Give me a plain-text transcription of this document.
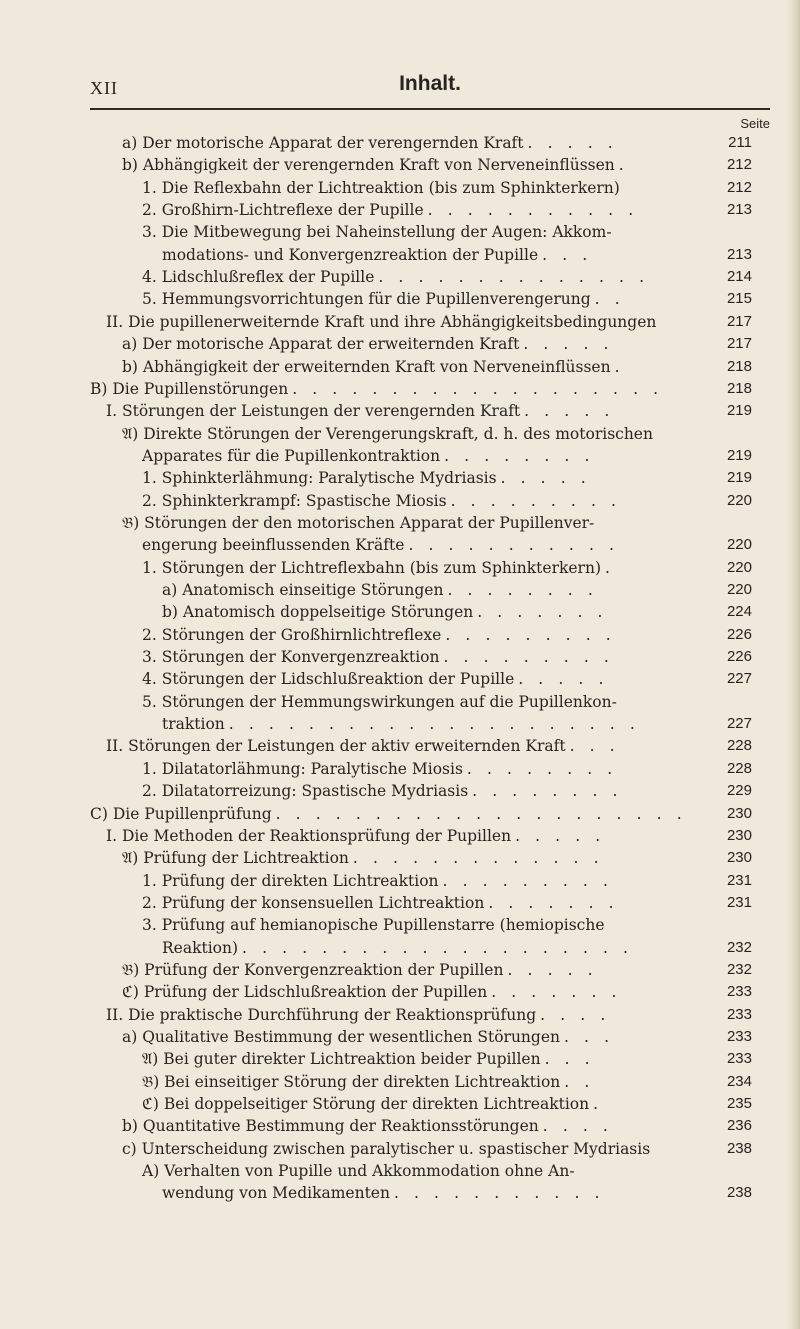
XII	Inhalt.
Seite
a) Der motorische Apparat der verengernden Kraft . . . . .	211
b) Abhängigkeit der verengernden Kraft von Nerveneinflüssen .	212
1. Die Reflexbahn der Lichtreaktion (bis zum Sphinkterkern)	212
2. Großhirn-Lichtreflexe der Pupille . . . . . . . . . . .	213
3. Die Mitbewegung bei Naheinstellung der Augen: Akkom-
modations- und Konvergenzreaktion der Pupille . . .	213
4. Lidschlußreflex der Pupille . . . . . . . . . . . . . .	214
5. Hemmungsvorrichtungen für die Pupillenverengerung . .	215
II. Die pupillenerweiternde Kraft und ihre Abhängigkeitsbedingungen	217
a) Der motorische Apparat der erweiternden Kraft . . . . .	217
b) Abhängigkeit der erweiternden Kraft von Nerveneinflüssen .	218
B) Die Pupillenstörungen . . . . . . . . . . . . . . . . . . .	218
I. Störungen der Leistungen der verengernden Kraft . . . . .	219
𝔄) Direkte Störungen der Verengerungskraft, d. h. des motorischen
Apparates für die Pupillenkontraktion . . . . . . . .	219
1. Sphinkterlähmung: Paralytische Mydriasis . . . . .	219
2. Sphinkterkrampf: Spastische Miosis . . . . . . . . .	220
𝔅) Störungen der den motorischen Apparat der Pupillenver-
engerung beeinflussenden Kräfte . . . . . . . . . . .	220
1. Störungen der Lichtreflexbahn (bis zum Sphinkterkern) .	220
a) Anatomisch einseitige Störungen . . . . . . . .	220
b) Anatomisch doppelseitige Störungen . . . . . . .	224
2. Störungen der Großhirnlichtreflexe . . . . . . . . .	226
3. Störungen der Konvergenzreaktion . . . . . . . . .	226
4. Störungen der Lidschlußreaktion der Pupille . . . . .	227
5. Störungen der Hemmungswirkungen auf die Pupillenkon-
traktion . . . . . . . . . . . . . . . . . . . . .	227
II. Störungen der Leistungen der aktiv erweiternden Kraft . . .	228
1. Dilatatorlähmung: Paralytische Miosis . . . . . . . .	228
2. Dilatatorreizung: Spastische Mydriasis . . . . . . . .	229
C) Die Pupillenprüfung . . . . . . . . . . . . . . . . . . . . .	230
I. Die Methoden der Reaktionsprüfung der Pupillen . . . . .	230
𝔄) Prüfung der Lichtreaktion . . . . . . . . . . . . .	230
1. Prüfung der direkten Lichtreaktion . . . . . . . . .	231
2. Prüfung der konsensuellen Lichtreaktion . . . . . . .	231
3. Prüfung auf hemianopische Pupillenstarre (hemiopische
Reaktion) . . . . . . . . . . . . . . . . . . . .	232
𝔅) Prüfung der Konvergenzreaktion der Pupillen . . . . .	232
ℭ) Prüfung der Lidschlußreaktion der Pupillen . . . . . . .	233
II. Die praktische Durchführung der Reaktionsprüfung . . . .	233
a) Qualitative Bestimmung der wesentlichen Störungen . . .	233
𝔄) Bei guter direkter Lichtreaktion beider Pupillen . . .	233
𝔅) Bei einseitiger Störung der direkten Lichtreaktion . .	234
ℭ) Bei doppelseitiger Störung der direkten Lichtreaktion .	235
b) Quantitative Bestimmung der Reaktionsstörungen . . . .	236
c) Unterscheidung zwischen paralytischer u. spastischer Mydriasis	238
A) Verhalten von Pupille und Akkommodation ohne An-
wendung von Medikamenten . . . . . . . . . . .	238
